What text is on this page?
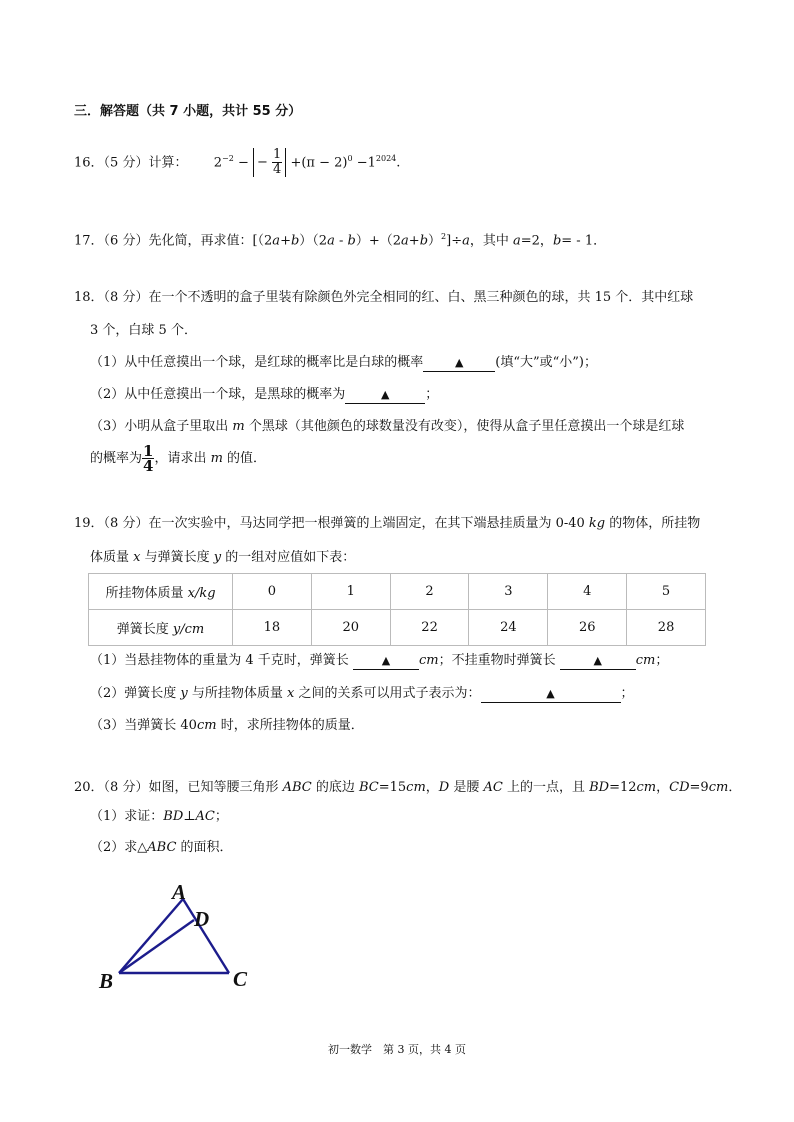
三．解答题（共 7 小题，共计 55 分）
16．（5 分）计算： $2^{-2}$ − − $\frac{1}{4} +(\pi - 2)^0 -1^{2024}$.
17．（6 分）先化简，再求值：$[(2a+b)(2a - b)+(2a+b)^2]\div a$，其中 a=2，b= - 1．
18．（8 分）在一个不透明的盒子里装有除颜色外完全相同的红、白、黑三种颜色的球，共 15 个．其中红球
3 个，白球 5 个．
（1）从中任意摸出一个球，是红球的概率比是白球的概率	▲ (填“大”或“小”)；
（2）从中任意摸出一个球，是黑球的概率为	▲	；
（3）小明从盒子里取出 m 个黑球（其他颜色的球数量没有改变），使得从盒子里任意摸出一个球是红球
的概率为 $\frac{1}{4}$ ，请求出 m 的值．
19．（8 分）在一次实验中，马达同学把一根弹簧的上端固定，在其下端悬挂质量为 0-40 kg 的物体，所挂物
体质量 x 与弹簧长度 y 的一组对应值如下表：
所挂物体质量 x/kg	0	1	2	3	4	5
弹簧长度 y/cm	18	20	22	24	26	28
（1）当悬挂物体的重量为 4 千克时，弹簧长	▲ cm；不挂重物时弹簧长	▲	cm；
（2）弹簧长度 y 与所挂物体质量 x 之间的关系可以用式子表示为：	▲	；
（3）当弹簧长 40cm 时，求所挂物体的质量．
20．（8 分）如图，已知等腰三角形 ABC 的底边 BC=15cm，D 是腰 AC 上的一点，且 BD=12cm，CD=9cm．
（1）求证：BD⊥AC；
（2）求△ABC 的面积．
A
D
B	C
初一数学　第 3 页，共 4 页
